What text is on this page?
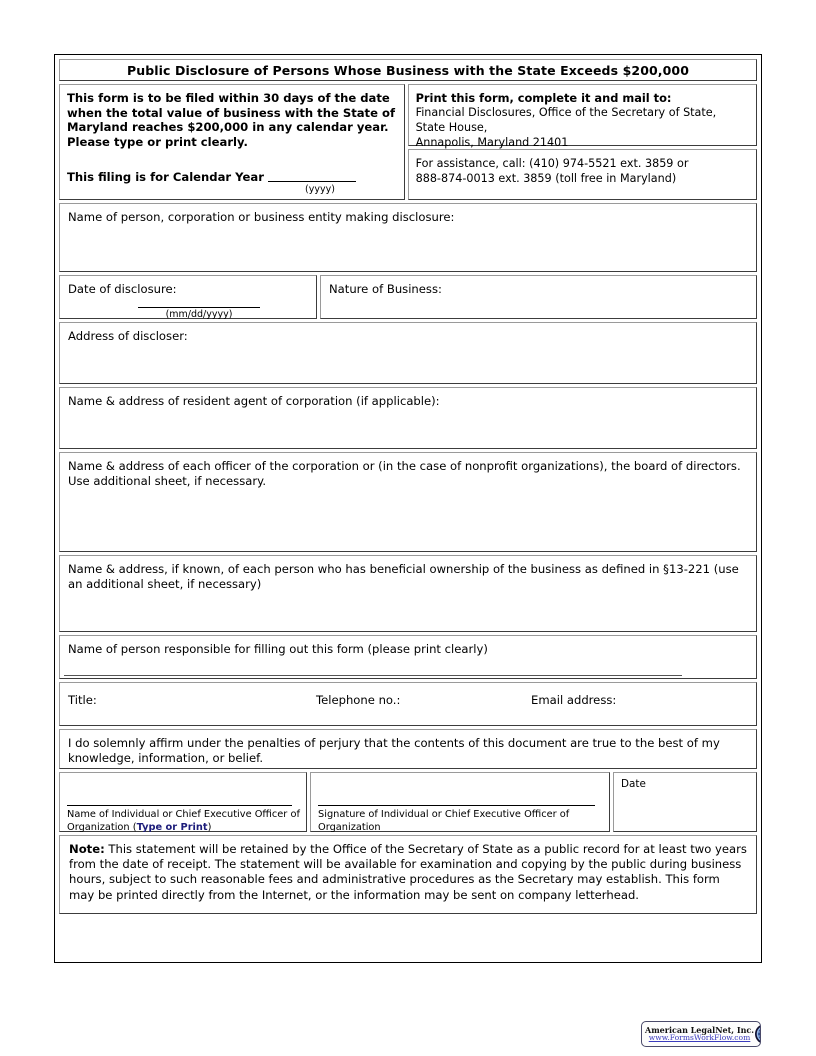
Public Disclosure of Persons Whose Business with the State Exceeds $200,000
This form is to be filed within 30 days of the date when the total value of business with the State of Maryland reaches $200,000 in any calendar year. Please type or print clearly.
This filing is for Calendar Year
(yyyy)
Print this form, complete it and mail to:
Financial Disclosures, Office of the Secretary of State,
State House,
Annapolis, Maryland 21401
For assistance, call: (410) 974-5521 ext. 3859 or
888-874-0013 ext. 3859 (toll free in Maryland)
Name of person, corporation or business entity making disclosure:
Date of disclosure:
(mm/dd/yyyy)
Nature of Business:
Address of discloser:
Name & address of resident agent of corporation (if applicable):
Name & address of each officer of the corporation or (in the case of nonprofit organizations), the board of directors. Use additional sheet, if necessary.
Name & address, if known, of each person who has beneficial ownership of the business as defined in §13-221 (use an additional sheet, if necessary)
Name of person responsible for filling out this form (please print clearly)
Title:	Telephone no.:	Email address:
I do solemnly affirm under the penalties of perjury that the contents of this document are true to the best of my knowledge, information, or belief.
Name of Individual or Chief Executive Officer of Organization (Type or Print)
Signature of Individual or Chief Executive Officer of Organization
Date
Note: This statement will be retained by the Office of the Secretary of State as a public record for at least two years from the date of receipt. The statement will be available for examination and copying by the public during business hours, subject to such reasonable fees and administrative procedures as the Secretary may establish. This form may be printed directly from the Internet, or the information may be sent on company letterhead.
American LegalNet, Inc.
www.FormsWorkFlow.com
